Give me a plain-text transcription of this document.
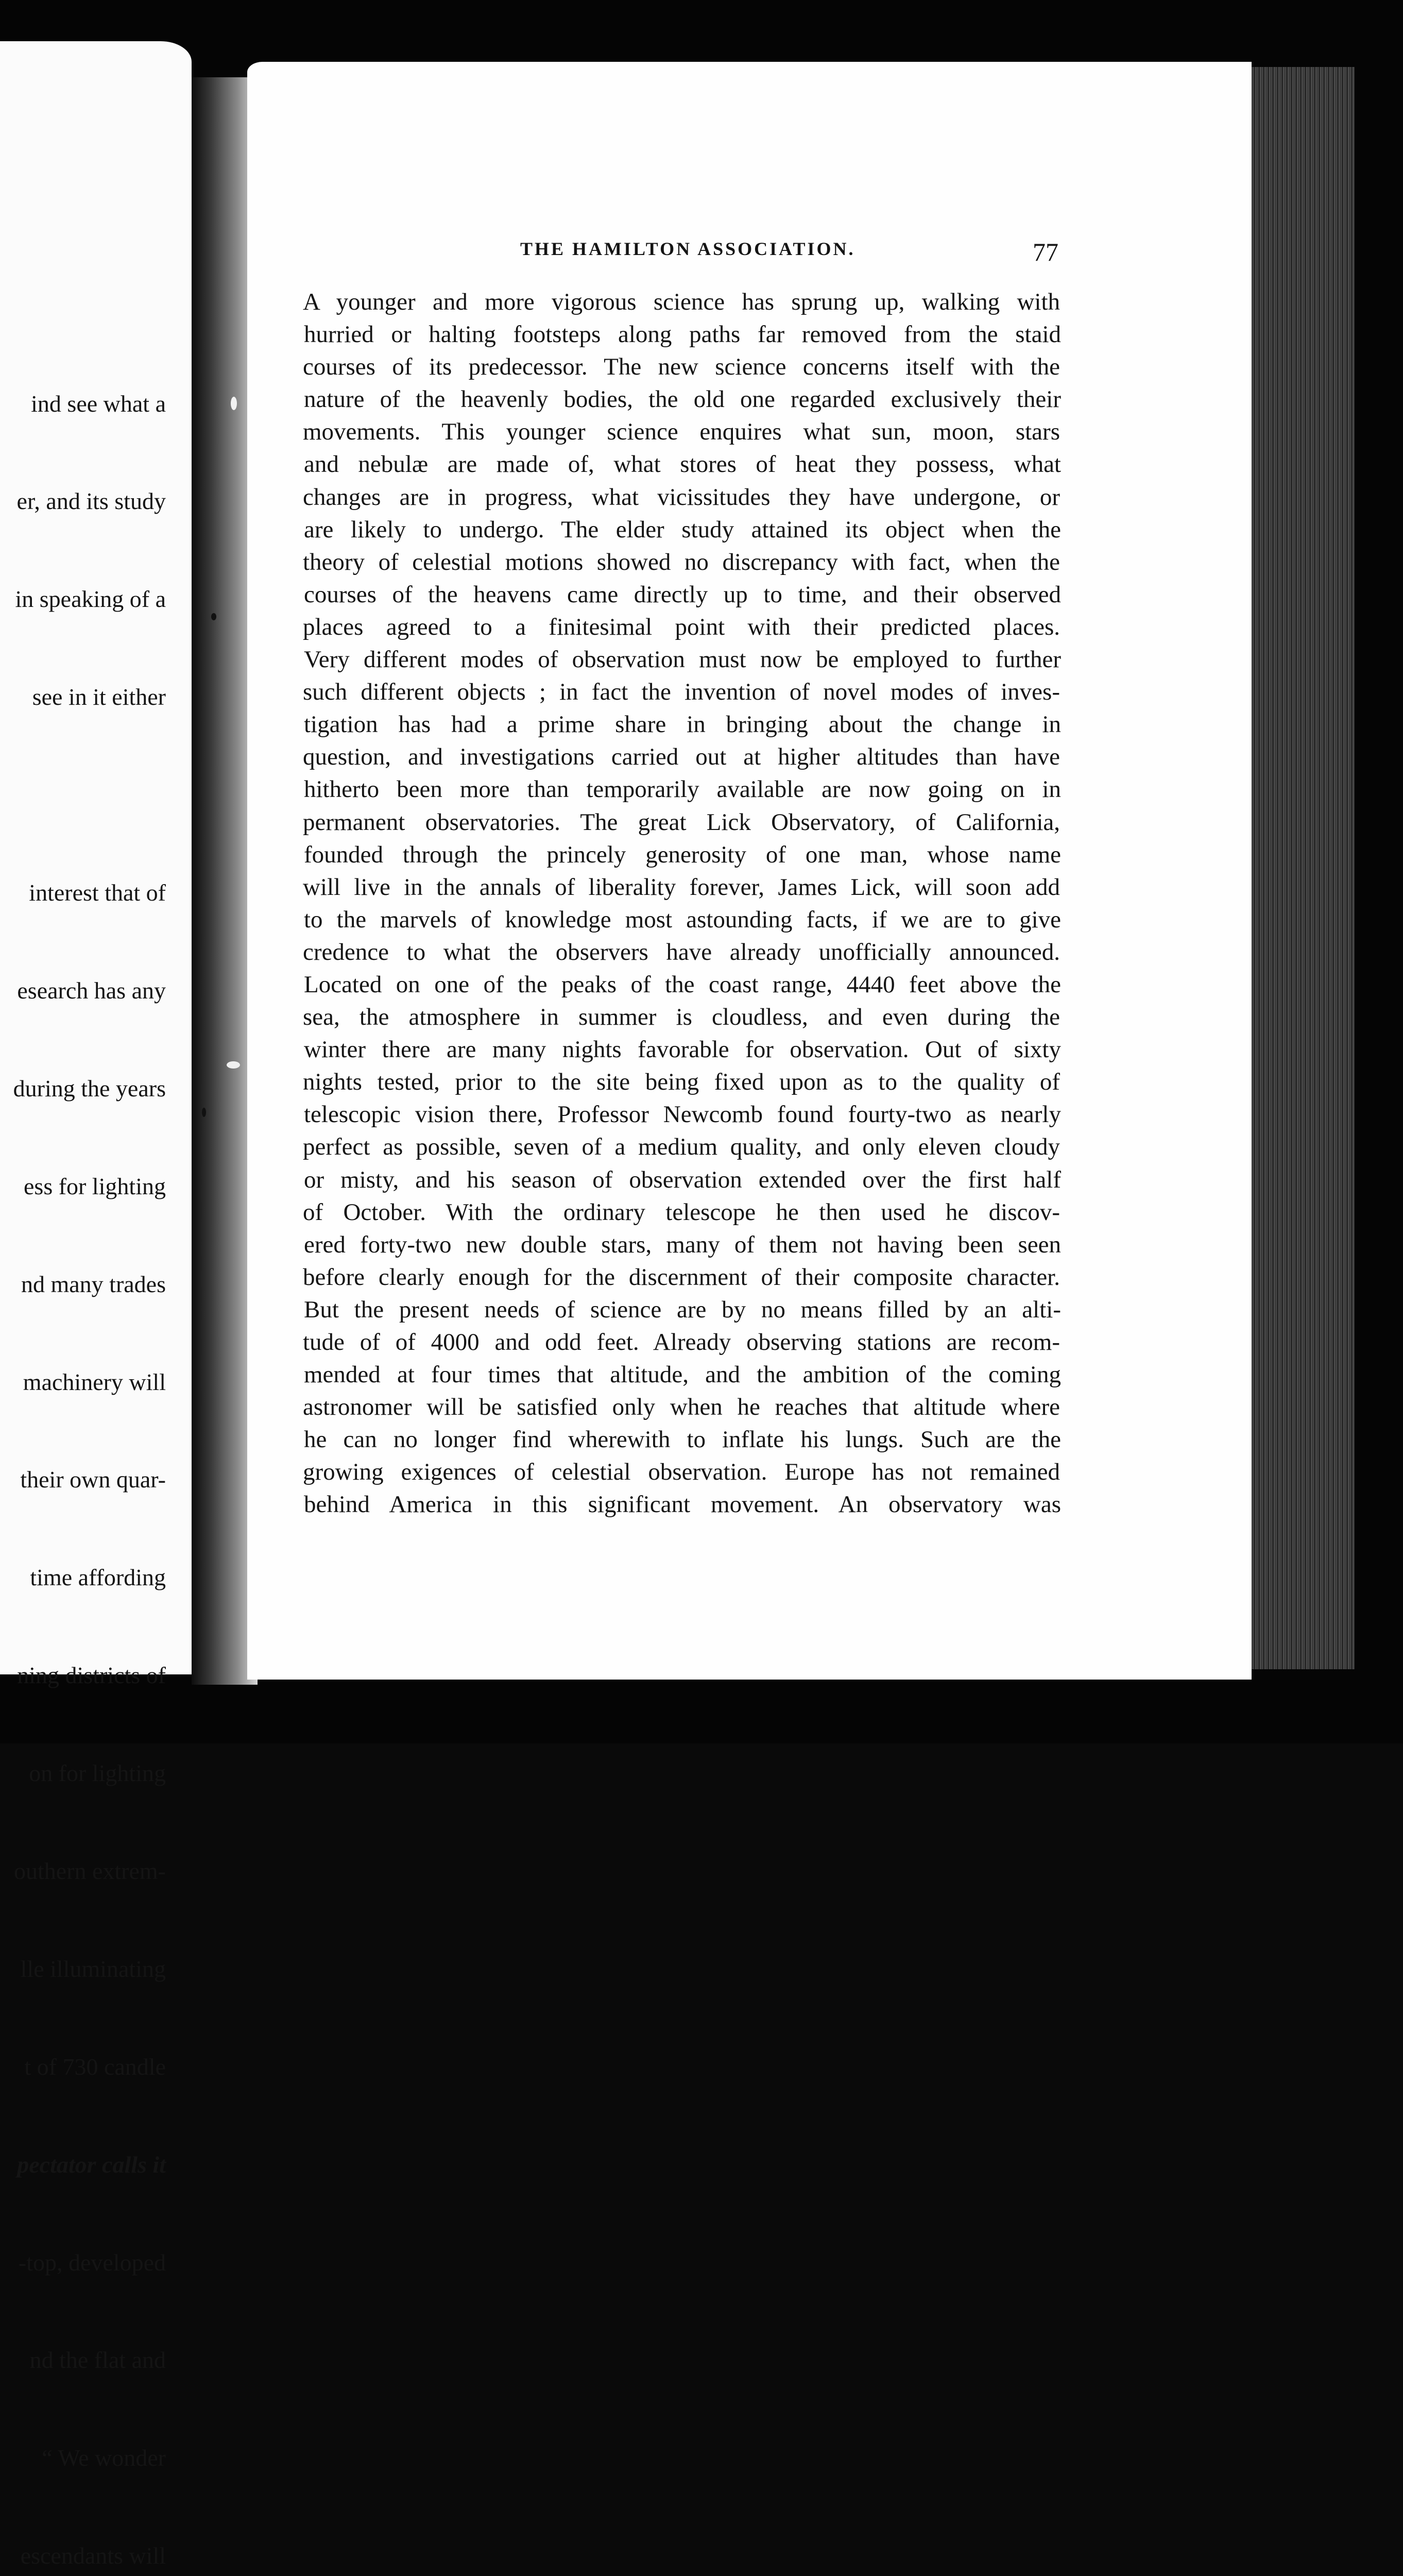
ind see what a

er, and its study

in speaking of a

see in it either

interest that of

esearch has any

during the years

ess for lighting

nd many trades

machinery will

their own quar-

time affording

ning districts of

on for lighting

outhern extrem-

lle illuminating

t of 730 candle

pectator calls it

-top, developed

nd the flat and

“ We wonder

escendants will

THE HAMILTON ASSOCIATION.	77
A younger and more vigorous science has sprung up, walking with
hurried or halting footsteps along paths far removed from the staid
courses of its predecessor. The new science concerns itself with the
nature of the heavenly bodies, the old one regarded exclusively their
movements. This younger science enquires what sun, moon, stars
and nebulæ are made of, what stores of heat they possess, what
changes are in progress, what vicissitudes they have undergone, or
are likely to undergo. The elder study attained its object when the
theory of celestial motions showed no discrepancy with fact, when the
courses of the heavens came directly up to time, and their observed
places agreed to a finitesimal point with their predicted places.
Very different modes of observation must now be employed to further
such different objects ; in fact the invention of novel modes of inves-
tigation has had a prime share in bringing about the change in
question, and investigations carried out at higher altitudes than have
hitherto been more than temporarily available are now going on in
permanent observatories. The great Lick Observatory, of California,
founded through the princely generosity of one man, whose name
will live in the annals of liberality forever, James Lick, will soon add
to the marvels of knowledge most astounding facts, if we are to give
credence to what the observers have already unofficially announced.
Located on one of the peaks of the coast range, 4440 feet above the
sea, the atmosphere in summer is cloudless, and even during the
winter there are many nights favorable for observation. Out of sixty
nights tested, prior to the site being fixed upon as to the quality of
telescopic vision there, Professor Newcomb found fourty-two as nearly
perfect as possible, seven of a medium quality, and only eleven cloudy
or misty, and his season of observation extended over the first half
of October. With the ordinary telescope he then used he discov-
ered forty-two new double stars, many of them not having been seen
before clearly enough for the discernment of their composite character.
But the present needs of science are by no means filled by an alti-
tude of of 4000 and odd feet. Already observing stations are recom-
mended at four times that altitude, and the ambition of the coming
astronomer will be satisfied only when he reaches that altitude where
he can no longer find wherewith to inflate his lungs. Such are the
growing exigences of celestial observation. Europe has not remained
behind America in this significant movement. An observatory was
